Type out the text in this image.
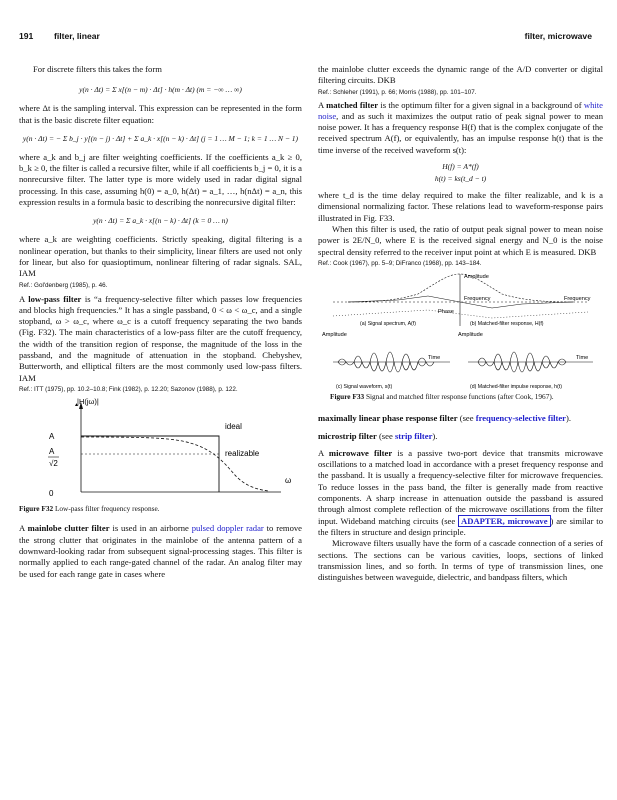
191 filter, linear	filter, microwave

For discrete filters this takes the form

y(n · Δt) = Σ x[(n − m) · Δt] · h(m · Δt) (m = −∞ … ∞)

where Δt is the sampling interval. This expression can be represented in the form that is the basic discrete filter equation:

y(n · Δt) = − Σ b_j · y[(n − j) · Δt] + Σ a_k · x[(n − k) · Δt] (j = 1 … M − 1; k = 1 … N − 1)

where a_k and b_j are filter weighting coefficients. If the coefficients a_k ≥ 0, b_k ≥ 0, the filter is called a recursive filter, while if all coefficients b_j = 0, it is a nonrecursive filter. The latter type is more widely used in radar digital signal processing. In this case, assuming h(0) = a_0, h(Δt) = a_1, …, h(nΔt) = a_n, this expression results in a formula basic to describing the nonrecursive digital filter:

y(n · Δt) = Σ a_k · x[(n − k) · Δt] (k = 0 … n)

where a_k are weighting coefficients. Strictly speaking, digital filtering is a nonlinear operation, but thanks to their simplicity, linear filters are used not only for linear, but also for quasioptimum, nonlinear filtering of radar signals. SAL, IAM

Ref.: Gol'denberg (1985), p. 46.

A low-pass filter is “a frequency-selective filter which passes low frequencies and blocks high frequencies.” It has a single passband, 0 < ω < ω_c, and a single stopband, ω > ω_c, where ω_c is a cutoff frequency separating the two bands (Fig. F32). The main characteristics of a low-pass filter are the cutoff frequency, the width of the transition region of response, the magnitude of the loss in the passband, and the magnitude of attenuation in the stopband. Chebyshev, Butterworth, and elliptical filters are the most commonly used low-pass filters. IAM

Ref.: ITT (1975), pp. 10.2–10.8; Fink (1982), p. 12.20; Sazonov (1988), p. 122.
|H(jω)|
▲
A
A
√2
0
ω
ideal
realizable

Figure F32 Low-pass filter frequency response.

A mainlobe clutter filter is used in an airborne pulsed doppler radar to remove the strong clutter that originates in the mainlobe of the antenna pattern of a downward-looking radar from subsequent signal-processing stages. This filter is normally applied to each range-gated channel of the radar. An analog filter may be used for each range gate in cases where

the mainlobe clutter exceeds the dynamic range of the A/D converter or digital filtering circuits. DKB

Ref.: Schleher (1991), p. 66; Morris (1988), pp. 101–107.

A matched filter is the optimum filter for a given signal in a background of white noise, and as such it maximizes the output ratio of peak signal power to mean noise power. It has a frequency response H(f) that is the complex conjugate of the received spectrum A(f), or equivalently, has an impulse response h(t) that is the time inverse of the received waveform s(t):

H(f) = A*(f)
h(t) = ks(t_d − t)

where t_d is the time delay required to make the filter realizable, and k is a dimensional normalizing factor. These relations lead to waveform-response pairs illustrated in Fig. F33.

When this filter is used, the ratio of output peak signal power to mean noise power is 2E/N_0, where E is the received signal energy and N_0 is the noise spectral density referred to the receiver input point at which E is measured. DKB

Ref.: Cook (1967), pp. 5–9; DiFranco (1968), pp. 143–184.
Amplitude
Frequency	Frequency
Phase
(a) Signal spectrum, A(f)	(b) Matched-filter response, H(f)
Amplitude	Amplitude
Time	Time
(c) Signal waveform, s(t)	(d) Matched-filter impulse response, h(t)

Figure F33 Signal and matched filter response functions (after Cook, 1967).

maximally linear phase response filter (see frequency-selective filter).

microstrip filter (see strip filter).

A microwave filter is a passive two-port device that transmits microwave oscillations to a matched load in accordance with a preset frequency response and the passband. It is usually a frequency-selective filter for microwave frequencies. To reduce losses in the pass band, the filter is generally made from reactive components. A sharp increase in attenuation outside the passband is assured through almost complete reflection of the microwave oscillations from the filter input. Wideband matching circuits (see ADAPTER, microwave ) are similar to the filters in structure and design principle.

Microwave filters usually have the form of a cascade connection of a series of sections. The sections can be various cavities, loops, sections of linked transmission lines, and so forth. In terms of type of transmission lines, one distinguishes between waveguide, dielectric, and bandpass filters, which
